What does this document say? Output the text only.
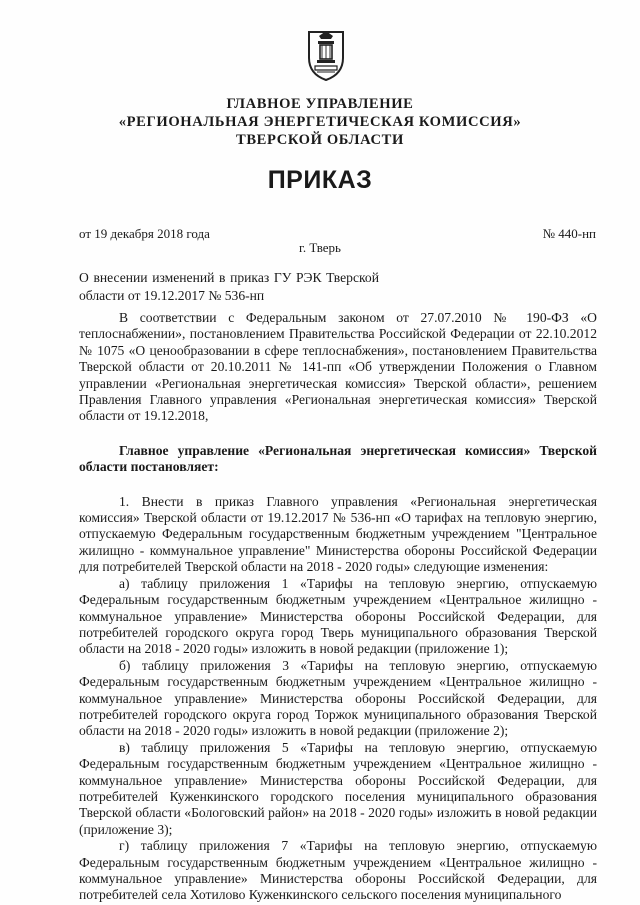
ГЛАВНОЕ УПРАВЛЕНИЕ
«РЕГИОНАЛЬНАЯ ЭНЕРГЕТИЧЕСКАЯ КОМИССИЯ»
ТВЕРСКОЙ ОБЛАСТИ
ПРИКАЗ
от 19 декабря 2018 года	№ 440-нп
г. Тверь
О внесении изменений в приказ ГУ РЭК Тверской области от 19.12.2017 № 536-нп

В соответствии с Федеральным законом от 27.07.2010 № 190-ФЗ «О теплоснабжении», постановлением Правительства Российской Федерации от 22.10.2012 № 1075 «О ценообразовании в сфере теплоснабжения», постановлением Правительства Тверской области от 20.10.2011 № 141-пп «Об утверждении Положения о Главном управлении «Региональная энергетическая комиссия» Тверской области», решением Правления Главного управления «Региональная энергетическая комиссия» Тверской области от 19.12.2018,

Главное управление «Региональная энергетическая комиссия» Тверской области постановляет:

1. Внести в приказ Главного управления «Региональная энергетическая комиссия» Тверской области от 19.12.2017 № 536-нп «О тарифах на тепловую энергию, отпускаемую Федеральным государственным бюджетным учреждением "Центральное жилищно - коммунальное управление" Министерства обороны Российской Федерации для потребителей Тверской области на 2018 - 2020 годы» следующие изменения:

а) таблицу приложения 1 «Тарифы на тепловую энергию, отпускаемую Федеральным государственным бюджетным учреждением «Центральное жилищно - коммунальное управление» Министерства обороны Российской Федерации, для потребителей городского округа город Тверь муниципального образования Тверской области на 2018 - 2020 годы» изложить в новой редакции (приложение 1);

б) таблицу приложения 3 «Тарифы на тепловую энергию, отпускаемую Федеральным государственным бюджетным учреждением «Центральное жилищно - коммунальное управление» Министерства обороны Российской Федерации, для потребителей городского округа город Торжок муниципального образования Тверской области на 2018 - 2020 годы» изложить в новой редакции (приложение 2);

в) таблицу приложения 5 «Тарифы на тепловую энергию, отпускаемую Федеральным государственным бюджетным учреждением «Центральное жилищно - коммунальное управление» Министерства обороны Российской Федерации, для потребителей Куженкинского городского поселения муниципального образования Тверской области «Бологовский район» на 2018 - 2020 годы» изложить в новой редакции (приложение 3);

г) таблицу приложения 7 «Тарифы на тепловую энергию, отпускаемую Федеральным государственным бюджетным учреждением «Центральное жилищно - коммунальное управление» Министерства обороны Российской Федерации, для потребителей села Хотилово Куженкинского сельского поселения муниципального
